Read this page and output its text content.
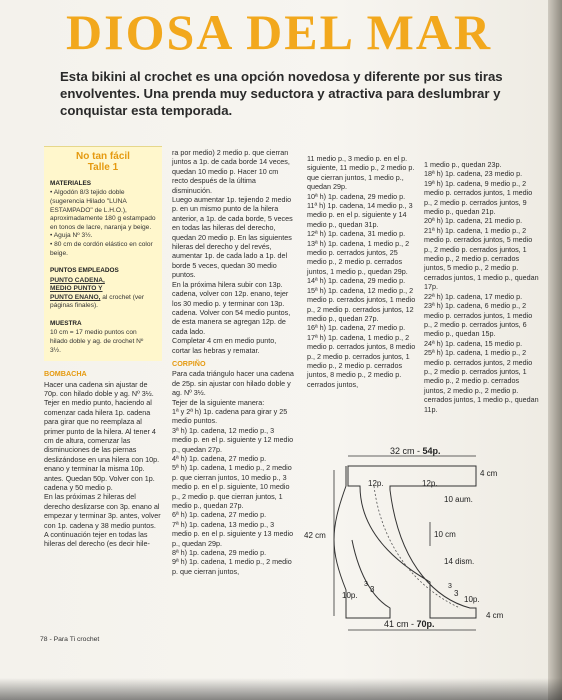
DIOSA DEL MAR

Esta bikini al crochet es una opción novedosa y diferente por sus tiras envolventes. Una prenda muy seductora y atractiva para deslumbrar y conquistar esta temporada.

No tan fácil
Talle 1
MATERIALES
• Algodón 8/3 tejido doble (sugerencia Hilado "LUNA ESTAMPADO" de L.H.O.), aproximadamente 180 g estampado en tonos de lacre, naranja y beige.
• Aguja Nº 3½.
• 80 cm de cordón elástico en color beige.
PUNTOS EMPLEADOS
PUNTO CADENA,
MEDIO PUNTO Y
PUNTO ENANO, al crochet (ver páginas finales).
MUESTRA
10 cm = 17 medio puntos con hilado doble y ag. de crochet Nº 3½.
BOMBACHA

Hacer una cadena sin ajustar de 70p. con hilado doble y ag. Nº 3½.

Tejer en medio punto, haciendo al comenzar cada hilera 1p. cadena para girar que no reemplaza al primer punto de la hilera. Al tener 4 cm de altura, comenzar las disminuciones de las piernas deslizándose en una hilera con 10p. enano y terminar la misma 10p. antes. Quedan 50p. Volver con 1p. cadena y 50 medio p.

En las próximas 2 hileras del derecho deslizarse con 3p. enano al empezar y terminar 3p. antes, volver con 1p. cadena y 38 medio puntos.

A continuación tejer en todas las hileras del derecho (es decir hile-

ra por medio) 2 medio p. que cierran juntos a 1p. de cada borde 14 veces, quedan 10 medio p. Hacer 10 cm recto después de la última disminución.

Luego aumentar 1p. tejiendo 2 medio p. en un mismo punto de la hilera anterior, a 1p. de cada borde, 5 veces en todas las hileras del derecho, quedan 20 medio p. En las siguientes hileras del derecho y del revés, aumentar 1p. de cada lado a 1p. del borde 5 veces, quedan 30 medio puntos.

En la próxima hilera subir con 13p. cadena, volver con 12p. enano, tejer los 30 medio p. y terminar con 13p. cadena. Volver con 54 medio puntos, de esta manera se agregan 12p. de cada lado.

Completar 4 cm en medio punto, cortar las hebras y rematar.

CORPIÑO

Para cada triángulo hacer una cadena de 25p. sin ajustar con hilado doble y ag. Nº 3½.

Tejer de la siguiente manera:

1ª y 2ª h) 1p. cadena para girar y 25 medio puntos.

3ª h) 1p. cadena, 12 medio p., 3 medio p. en el p. siguiente y 12 medio p., quedan 27p.

4ª h) 1p. cadena, 27 medio p.

5ª h) 1p. cadena, 1 medio p., 2 medio p. que cierran juntos, 10 medio p., 3 medio p. en el p. siguiente, 10 medio p., 2 medio p. que cierran juntos, 1 medio p., quedan 27p.

6ª h) 1p. cadena, 27 medio p.

7ª h) 1p. cadena, 13 medio p., 3 medio p. en el p. siguiente y 13 medio p., quedan 29p.

8ª h) 1p. cadena, 29 medio p.

9ª h) 1p. cadena, 1 medio p., 2 medio p. que cierran juntos,

11 medio p., 3 medio p. en el p. siguiente, 11 medio p., 2 medio p. que cierran juntos, 1 medio p., quedan 29p.

10ª h) 1p. cadena, 29 medio p.

11ª h) 1p. cadena, 14 medio p., 3 medio p. en el p. siguiente y 14 medio p., quedan 31p.

12ª h) 1p. cadena, 31 medio p.

13ª h) 1p. cadena, 1 medio p., 2 medio p. cerrados juntos, 25 medio p., 2 medio p. cerrados juntos, 1 medio p., quedan 29p.

14ª h) 1p. cadena, 29 medio p.

15ª h) 1p. cadena, 12 medio p., 2 medio p. cerrados juntos, 1 medio p., 2 medio p. cerrados juntos, 12 medio p., quedan 27p.

16ª h) 1p. cadena, 27 medio p.

17ª h) 1p. cadena, 1 medio p., 2 medio p. cerrados juntos, 8 medio p., 2 medio p. cerrados juntos, 1 medio p., 2 medio p. cerrados juntos, 8 medio p., 2 medio p. cerrados juntos,

1 medio p., quedan 23p.

18ª h) 1p. cadena, 23 medio p.

19ª h) 1p. cadena, 9 medio p., 2 medio p. cerrados juntos, 1 medio p., 2 medio p. cerrados juntos, 9 medio p., quedan 21p.

20ª h) 1p. cadena, 21 medio p.

21ª h) 1p. cadena, 1 medio p., 2 medio p. cerrados juntos, 5 medio p., 2 medio p. cerrados juntos, 1 medio p., 2 medio p. cerrados juntos, 5 medio p., 2 medio p. cerrados juntos, 1 medio p., quedan 17p.

22ª h) 1p. cadena, 17 medio p.

23ª h) 1p. cadena, 6 medio p., 2 medio p. cerrados juntos, 1 medio p., 2 medio p. cerrados juntos, 6 medio p., quedan 15p.

24ª h) 1p. cadena, 15 medio p.

25ª h) 1p. cadena, 1 medio p., 2 medio p. cerrados juntos, 2 medio p., 2 medio p. cerrados juntos, 1 medio p., 2 medio p. cerrados juntos, 2 medio p., 2 medio p. cerrados juntos, 1 medio p., quedan 11p.

32 cm - 54p.
4 cm
12p.	12p.
10 aum.
42 cm	10 cm
14 dism.
3
3	3
3
10p.	10p.
41 cm - 70p.
4 cm
78 - Para Ti crochet
